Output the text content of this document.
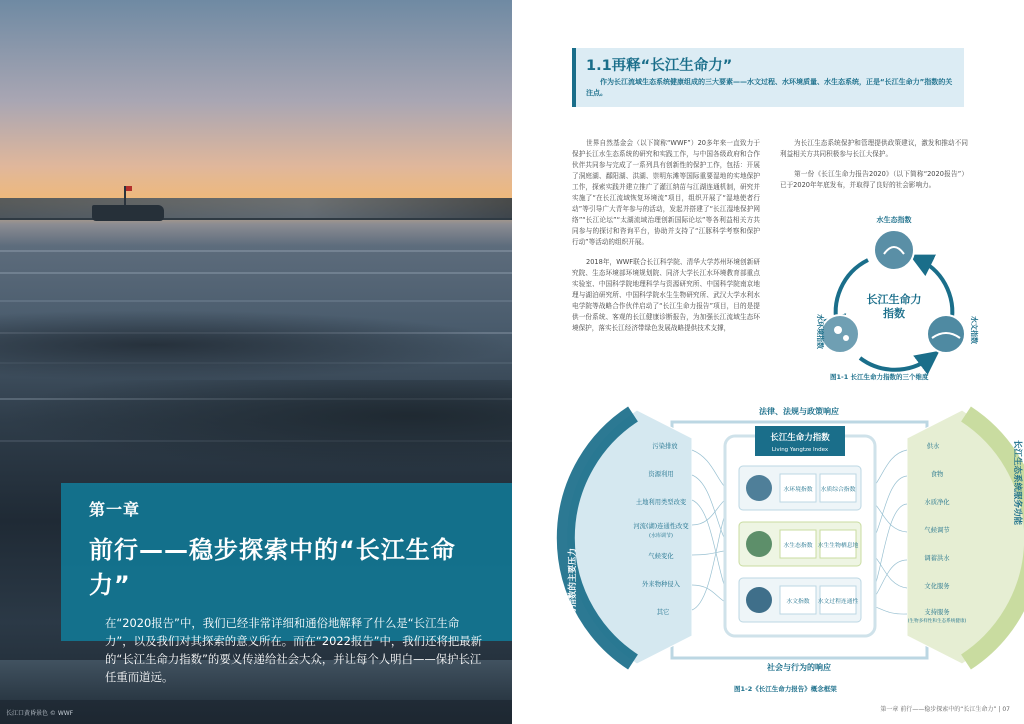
第一章
前行——稳步探索中的“长江生命力”
在“2020报告”中，我们已经非常详细和通俗地解释了什么是“长江生命力”，以及我们对其探索的意义所在。而在“2022报告”中，我们还将把最新的“长江生命力指数”的要义传递给社会大众，并让每个人明白——保护长江任重而道远。
长江口黄昏景色 © WWF
1.1再释“长江生命力”
作为长江流域生态系统健康组成的三大要素——水文过程、水环境质量、水生态系统，正是“长江生命力”指数的关注点。

世界自然基金会（以下简称“WWF”）20多年来一直致力于保护长江水生态系统的研究和实践工作，与中国各级政府和合作伙伴共同参与完成了一系列具有创新性的保护工作，包括：开展了洞庭湖、鄱阳湖、洪湖、崇明东滩等国际重要湿地的实地保护工作，探索实践并建立推广了灌江纳苗与江湖连通机制，研究并实施了“在长江流域恢复环境流”项目，组织开展了“湿地使者行动”等引导广大青年参与的活动，发起并搭建了“长江湿地保护网络”“长江论坛”“太湖流域治理创新国际论坛”等各利益相关方共同参与的探讨和咨询平台，协助并支持了“江豚科学考察和保护行动”等活动的组织开展。

2018年，WWF联合长江科学院、清华大学苏州环境创新研究院、生态环境部环境规划院、同济大学长江水环境教育部重点实验室、中国科学院地理科学与资源研究所、中国科学院南京地理与湖泊研究所、中国科学院水生生物研究所、武汉大学水利水电学院等战略合作伙伴启动了“长江生命力报告”项目，目的是提供一份系统、客观的长江健康诊断报告，为加强长江流域生态环境保护，落实长江经济带绿色发展战略提供技术支撑，

为长江生态系统保护和管理提供政策建议，激发和推动不同利益相关方共同积极参与长江大保护。

第一份《长江生命力报告2020》（以下简称“2020报告”）已于2020年年底发布，并取得了良好的社会影响力。

水生态指数
水环境指数	水文指数
长江生命力
指数
图1-1 长江生命力指数的三个维度
法律、法规与政策响应
社会与行为的响应
长江生命力指数的主要压力
污染排放
资源利用
土地利用类型改变
河流(湖)连通性改变
(水库调节)
气候变化
外来物种侵入
其它
长江生态系统服务功能
供水
食物
水质净化
气候调节
调蓄洪水
文化服务
支持服务
(生物多样性和生态系统健康)
长江生命力指数
Living Yangtze Index
水环境指数 水质综合指数
水生态指数 水生生物栖息地
水文指数 水文过程连通性
图1-2《长江生命力报告》概念框架
第一章 前行——稳步探索中的“长江生命力” | 07
